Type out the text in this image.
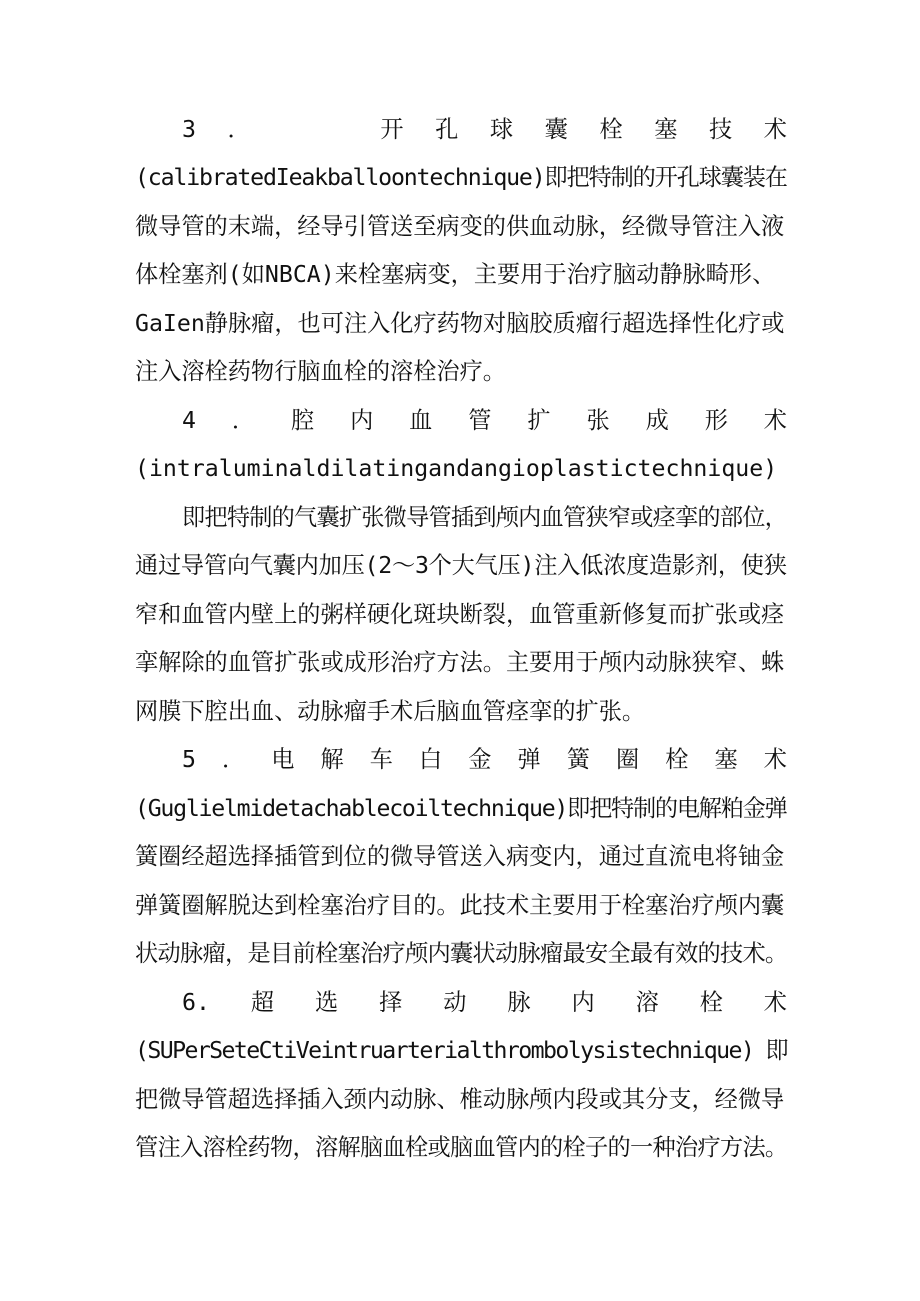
3．　　开孔球囊栓塞技术
(calibratedIeakballoontechnique)即把特制的开孔球囊装在
微导管的末端，经导引管送至病变的供血动脉，经微导管注入液
体栓塞剂(如NBCA)来栓塞病变，主要用于治疗脑动静脉畸形、
GaIen静脉瘤，也可注入化疗药物对脑胶质瘤行超选择性化疗或
注入溶栓药物行脑血栓的溶栓治疗。
4．腔内血管扩张成形术
(intraluminaldilatingandangioplastictechnique)
即把特制的气囊扩张微导管插到颅内血管狭窄或痉挛的部位，
通过导管向气囊内加压(2～3个大气压)注入低浓度造影剂，使狭
窄和血管内壁上的粥样硬化斑块断裂，血管重新修复而扩张或痉
挛解除的血管扩张或成形治疗方法。主要用于颅内动脉狭窄、蛛
网膜下腔出血、动脉瘤手术后脑血管痉挛的扩张。
5．电解车白金弹簧圈栓塞术
(Guglielmidetachablecoiltechnique)即把特制的电解粕金弹
簧圈经超选择插管到位的微导管送入病变内，通过直流电将铀金
弹簧圈解脱达到栓塞治疗目的。此技术主要用于栓塞治疗颅内囊
状动脉瘤，是目前栓塞治疗颅内囊状动脉瘤最安全最有效的技术。
6.超选择动脉内溶栓术
(SUPerSeteCtiVeintruarterialthrombolysistechnique) 即
把微导管超选择插入颈内动脉、椎动脉颅内段或其分支，经微导
管注入溶栓药物，溶解脑血栓或脑血管内的栓子的一种治疗方法。
